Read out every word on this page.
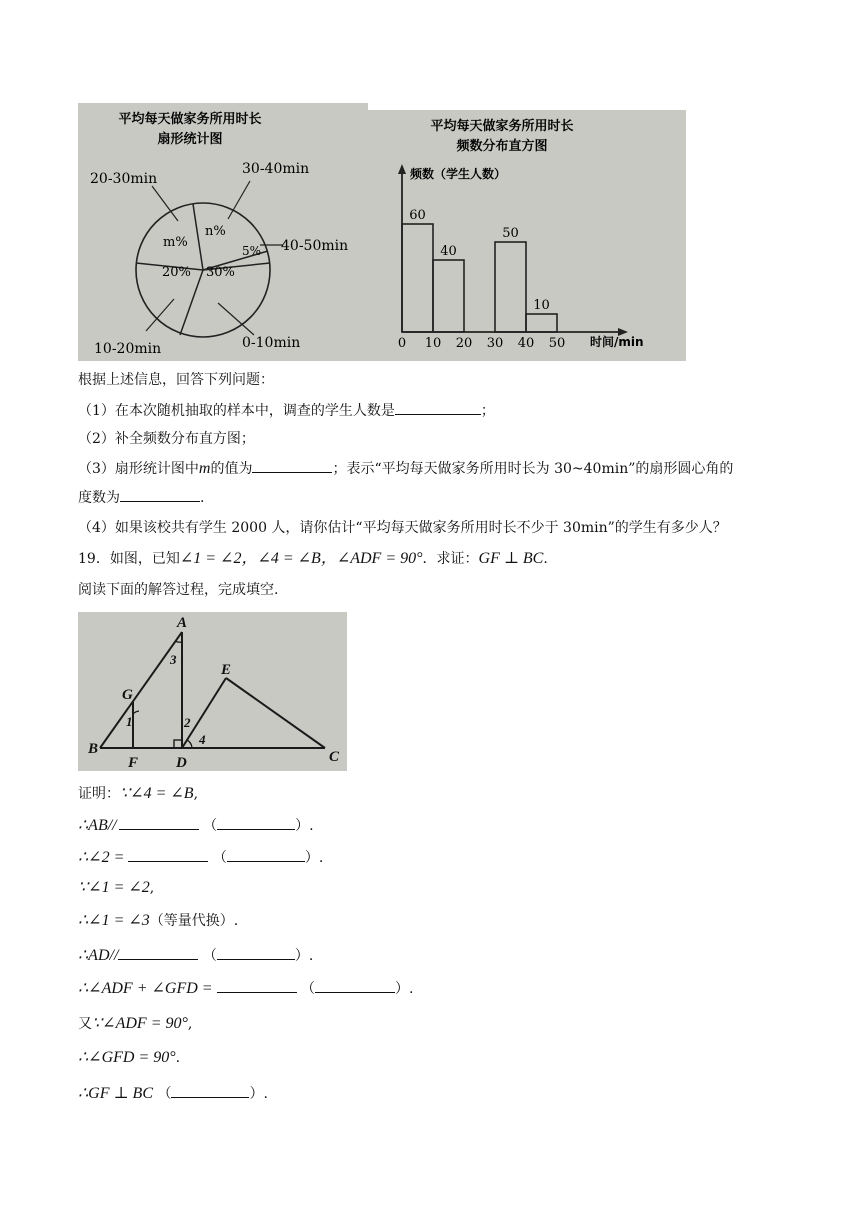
平均每天做家务所用时长
扇形统计图
m%
n%
5%
20% 30%
20-30min
30-40min
40-50min
10-20min	0-10min
平均每天做家务所用时长
频数分布直方图
频数（学生人数）
时间/min
60
40
50
10
0 10 20 30 40 50
根据上述信息，回答下列问题：
（1）在本次随机抽取的样本中，调查的学生人数是	；
（2）补全频数分布直方图；
（3）扇形统计图中m的值为	；表示“平均每天做家务所用时长为 30~40min”的扇形圆心角的
度数为	.
（4）如果该校共有学生 2000 人，请你估计“平均每天做家务所用时长不少于 30min”的学生有多少人？
19．如图，已知∠1 = ∠2，∠4 = ∠B，∠ADF = 90°．求证：GF ⊥ BC.
阅读下面的解答过程，完成填空.
A
3
G
1
E
2
4
B
F	D	C
证明：∵∠4 = ∠B,
∴AB//	（	）.
∴∠2 =	（	）.
∵∠1 = ∠2,
∴∠1 = ∠3（等量代换）.
∴AD//	（	）.
∴∠ADF + ∠GFD =	（	）.
又∵∠ADF = 90°,
∴∠GFD = 90°.
∴GF ⊥ BC （	）.
